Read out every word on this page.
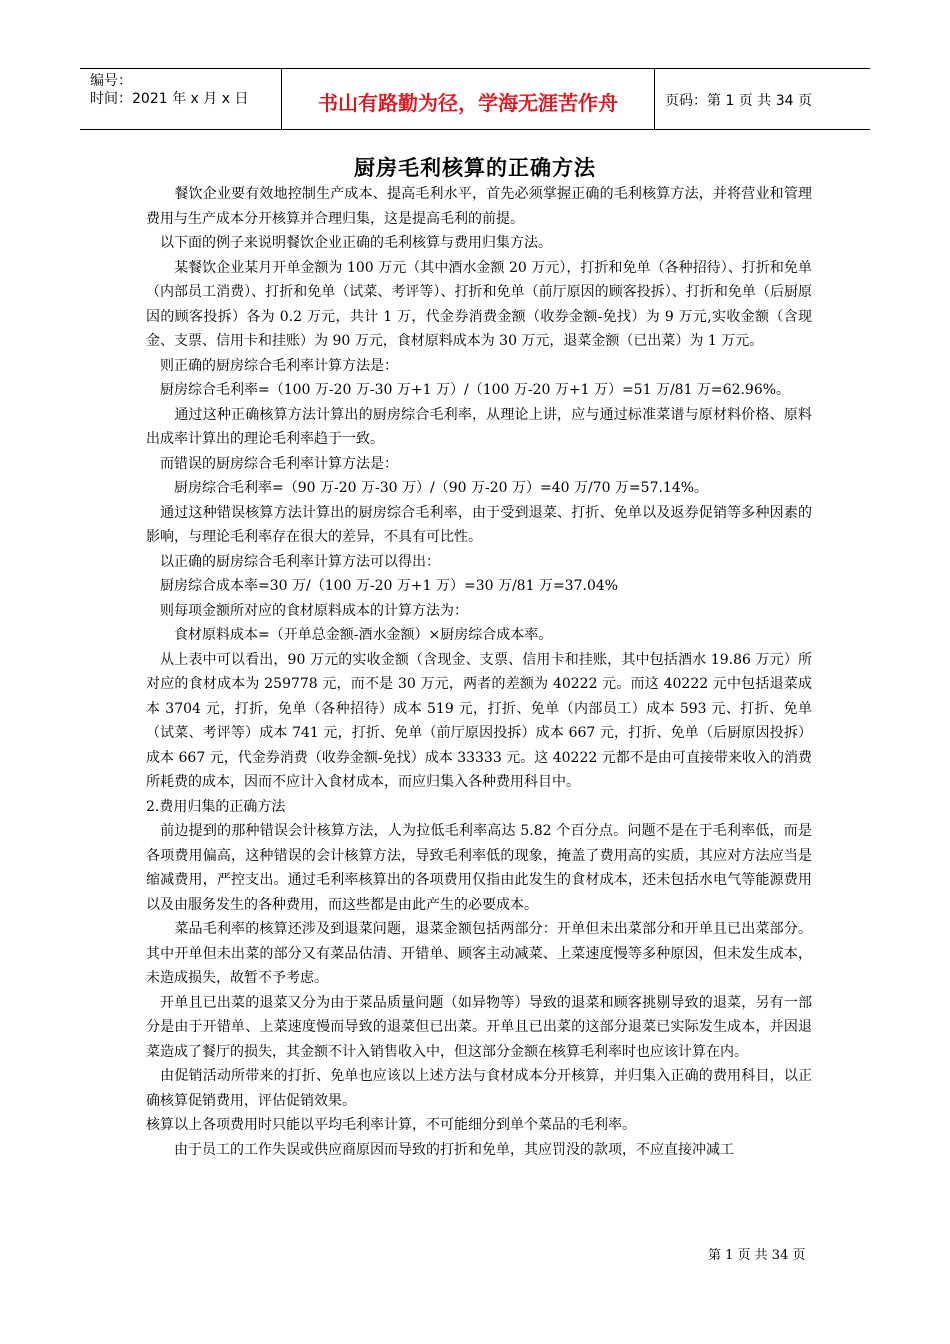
编号：
时间：2021 年 x 月 x 日	书山有路勤为径，学海无涯苦作舟	页码：第 1 页 共 34 页
厨房毛利核算的正确方法

　　餐饮企业要有效地控制生产成本、提高毛利水平，首先必须掌握正确的毛利核算方法，并将营业和管理费用与生产成本分开核算并合理归集，这是提高毛利的前提。

　以下面的例子来说明餐饮企业正确的毛利核算与费用归集方法。

　　某餐饮企业某月开单金额为 100 万元（其中酒水金额 20 万元），打折和免单（各种招待）、打折和免单（内部员工消费）、打折和免单（试菜、考评等）、打折和免单（前厅原因的顾客投拆）、打折和免单（后厨原因的顾客投拆）各为 0.2 万元，共计 1 万，代金券消费金额（收券金额-免找）为 9 万元,实收金额（含现金、支票、信用卡和挂账）为 90 万元，食材原料成本为 30 万元，退菜金额（已出菜）为 1 万元。

　则正确的厨房综合毛利率计算方法是：

　厨房综合毛利率=（100 万-20 万-30 万+1 万）/（100 万-20 万+1 万）=51 万/81 万=62.96%。

　　通过这种正确核算方法计算出的厨房综合毛利率，从理论上讲，应与通过标准菜谱与原材料价格、原料出成率计算出的理论毛利率趋于一致。

　而错误的厨房综合毛利率计算方法是：

　　厨房综合毛利率=（90 万-20 万-30 万）/（90 万-20 万）=40 万/70 万=57.14%。

　通过这种错误核算方法计算出的厨房综合毛利率，由于受到退菜、打折、免单以及返券促销等多种因素的影响，与理论毛利率存在很大的差异，不具有可比性。

　以正确的厨房综合毛利率计算方法可以得出：

　厨房综合成本率=30 万/（100 万-20 万+1 万）=30 万/81 万=37.04%

　则每项金额所对应的食材原料成本的计算方法为：

　　食材原料成本=（开单总金额-酒水金额）×厨房综合成本率。

　从上表中可以看出，90 万元的实收金额（含现金、支票、信用卡和挂账，其中包括酒水 19.86 万元）所对应的食材成本为 259778 元，而不是 30 万元，两者的差额为 40222 元。而这 40222 元中包括退菜成本 3704 元，打折，免单（各种招待）成本 519 元，打折、免单（内部员工）成本 593 元、打折、免单（试菜、考评等）成本 741 元，打折、免单（前厅原因投拆）成本 667 元，打折、免单（后厨原因投拆）成本 667 元，代金券消费（收券金额-免找）成本 33333 元。这 40222 元都不是由可直接带来收入的消费所耗费的成本，因而不应计入食材成本，而应归集入各种费用科目中。

2.费用归集的正确方法

　前边提到的那种错误会计核算方法，人为拉低毛利率高达 5.82 个百分点。问题不是在于毛利率低，而是各项费用偏高，这种错误的会计核算方法，导致毛利率低的现象，掩盖了费用高的实质，其应对方法应当是缩减费用，严控支出。通过毛利率核算出的各项费用仅指由此发生的食材成本，还未包括水电气等能源费用以及由服务发生的各种费用，而这些都是由此产生的必要成本。

　　菜品毛利率的核算还涉及到退菜问题，退菜金额包括两部分：开单但未出菜部分和开单且已出菜部分。其中开单但未出菜的部分又有菜品估清、开错单、顾客主动减菜、上菜速度慢等多种原因，但未发生成本，未造成损失，故暂不予考虑。

　开单且已出菜的退菜又分为由于菜品质量问题（如异物等）导致的退菜和顾客挑剔导致的退菜，另有一部分是由于开错单、上菜速度慢而导致的退菜但已出菜。开单且已出菜的这部分退菜已实际发生成本，并因退菜造成了餐厅的损失，其金额不计入销售收入中，但这部分金额在核算毛利率时也应该计算在内。

　由促销活动所带来的打折、免单也应该以上述方法与食材成本分开核算，并归集入正确的费用科目，以正确核算促销费用，评估促销效果。

核算以上各项费用时只能以平均毛利率计算，不可能细分到单个菜品的毛利率。

　　由于员工的工作失误或供应商原因而导致的打折和免单，其应罚没的款项，不应直接冲减工

第 1 页 共 34 页
